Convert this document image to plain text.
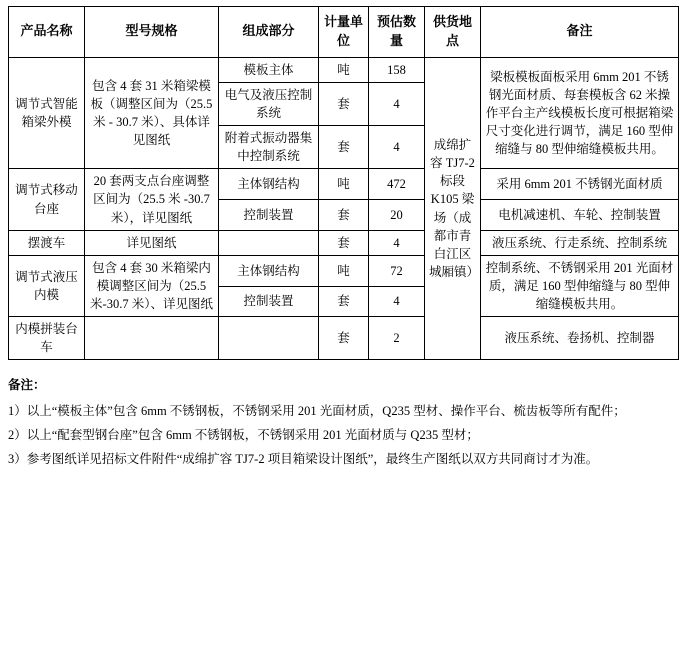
产品名称	型号规格	组成部分	计量单位	预估数量	供货地点	备注
调节式智能箱梁外模	包含 4 套 31 米箱梁模板（调整区间为（25.5 米 - 30.7 米）、具体详见图纸	模板主体	吨	158	成绵扩容 TJ7-2 标段 K105 梁场（成都市青白江区城厢镇）	梁板模板面板采用 6mm 201 不锈钢光面材质、每套模板含 62 米操作平台主产线模板长度可根据箱梁尺寸变化进行调节，满足 160 型伸缩缝与 80 型伸缩缝模板共用。
		电气及液压控制系统	套	4		
		附着式振动器集中控制系统	套	4		
调节式移动台座	20 套两支点台座调整区间为（25.5 米 -30.7 米），详见图纸	主体钢结构	吨	472		采用 6mm 201 不锈钢光面材质
		控制装置	套	20		电机减速机、车轮、控制装置
摆渡车	详见图纸		套	4		液压系统、行走系统、控制系统
调节式液压内模	包含 4 套 30 米箱梁内模调整区间为（25.5 米-30.7 米）、详见图纸	主体钢结构	吨	72		控制系统、不锈钢采用 201 光面材质，满足 160 型伸缩缝与 80 型伸缩缝模板共用。
		控制装置	套	4		
内模拼装台车			套	2		液压系统、卷扬机、控制器
备注：

1）以上“模板主体”包含 6mm 不锈钢板，不锈钢采用 201 光面材质，Q235 型材、操作平台、梳齿板等所有配件；

2）以上“配套型钢台座”包含 6mm 不锈钢板，不锈钢采用 201 光面材质与 Q235 型材；

3）参考图纸详见招标文件附件“成绵扩容 TJ7-2 项目箱梁设计图纸”，最终生产图纸以双方共同商讨才为准。
